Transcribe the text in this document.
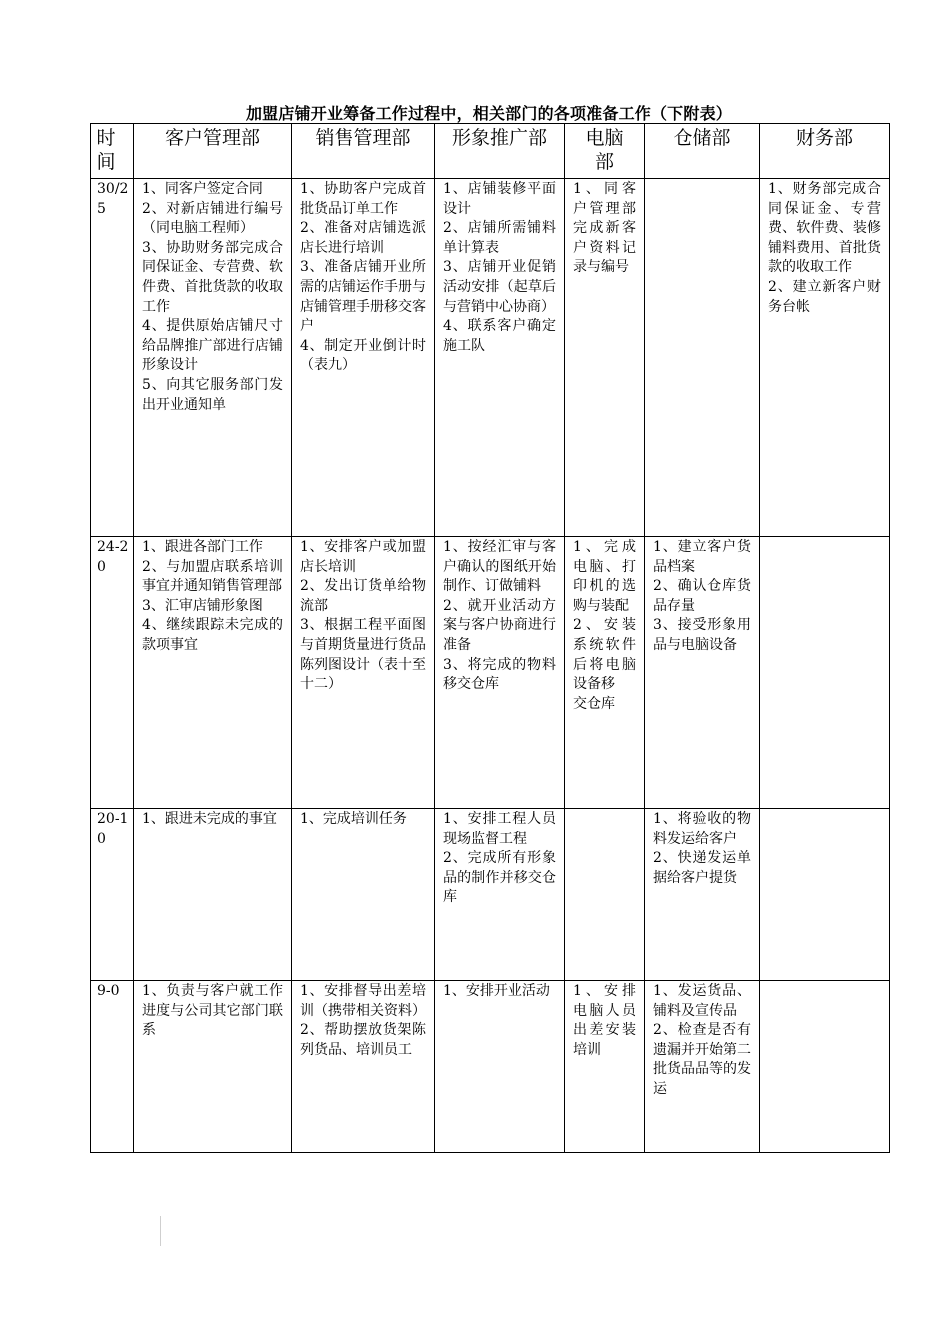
加盟店铺开业筹备工作过程中，相关部门的各项准备工作（下附表）
时间	客户管理部	销售管理部	形象推广部	电脑部	仓储部	财务部
30/25	1、同客户签定合同
2、对新店铺进行编号（同电脑工程师）
3、协助财务部完成合同保证金、专营费、软件费、首批货款的收取工作
4、提供原始店铺尺寸给品牌推广部进行店铺形象设计
5、向其它服务部门发出开业通知单	1、协助客户完成首批货品订单工作
2、准备对店铺选派店长进行培训
3、准备店铺开业所需的店铺运作手册与店铺管理手册移交客户
4、制定开业倒计时（表九）	1、店铺装修平面设计
2、店铺所需铺料单计算表
3、店铺开业促销活动安排（起草后与营销中心协商）
4、联系客户确定施工队	1、同客户管理部完成新客户资料记录与编号		1、财务部完成合同保证金、专营费、软件费、装修铺料费用、首批货款的收取工作
2、建立新客户财务台帐

24-20	1、跟进各部门工作
2、与加盟店联系培训事宜并通知销售管理部
3、汇审店铺形象图
4、继续跟踪未完成的款项事宜	1、安排客户或加盟店长培训
2、发出订货单给物流部
3、根据工程平面图与首期货量进行货品陈列图设计（表十至十二）	1、按经汇审与客户确认的图纸开始制作、订做铺料
2、就开业活动方案与客户协商进行准备
3、将完成的物料移交仓库	1、完成电脑、打印机的选购与装配
2、安装系统软件后将电脑设备移
交仓库	1、建立客户货品档案
2、确认仓库货品存量
3、接受形象用品与电脑设备	

20-10	1、跟进未完成的事宜	1、完成培训任务	1、安排工程人员现场监督工程
2、完成所有形象品的制作并移交仓库		1、将验收的物料发运给客户
2、快递发运单据给客户提货	

9-0	1、负责与客户就工作进度与公司其它部门联系	1、安排督导出差培训（携带相关资料）
2、帮助摆放货架陈列货品、培训员工	1、安排开业活动	1、安排电脑人员出差安装培训	1、发运货品、铺料及宣传品
2、检查是否有遗漏并开始第二批货品品等的发运	
